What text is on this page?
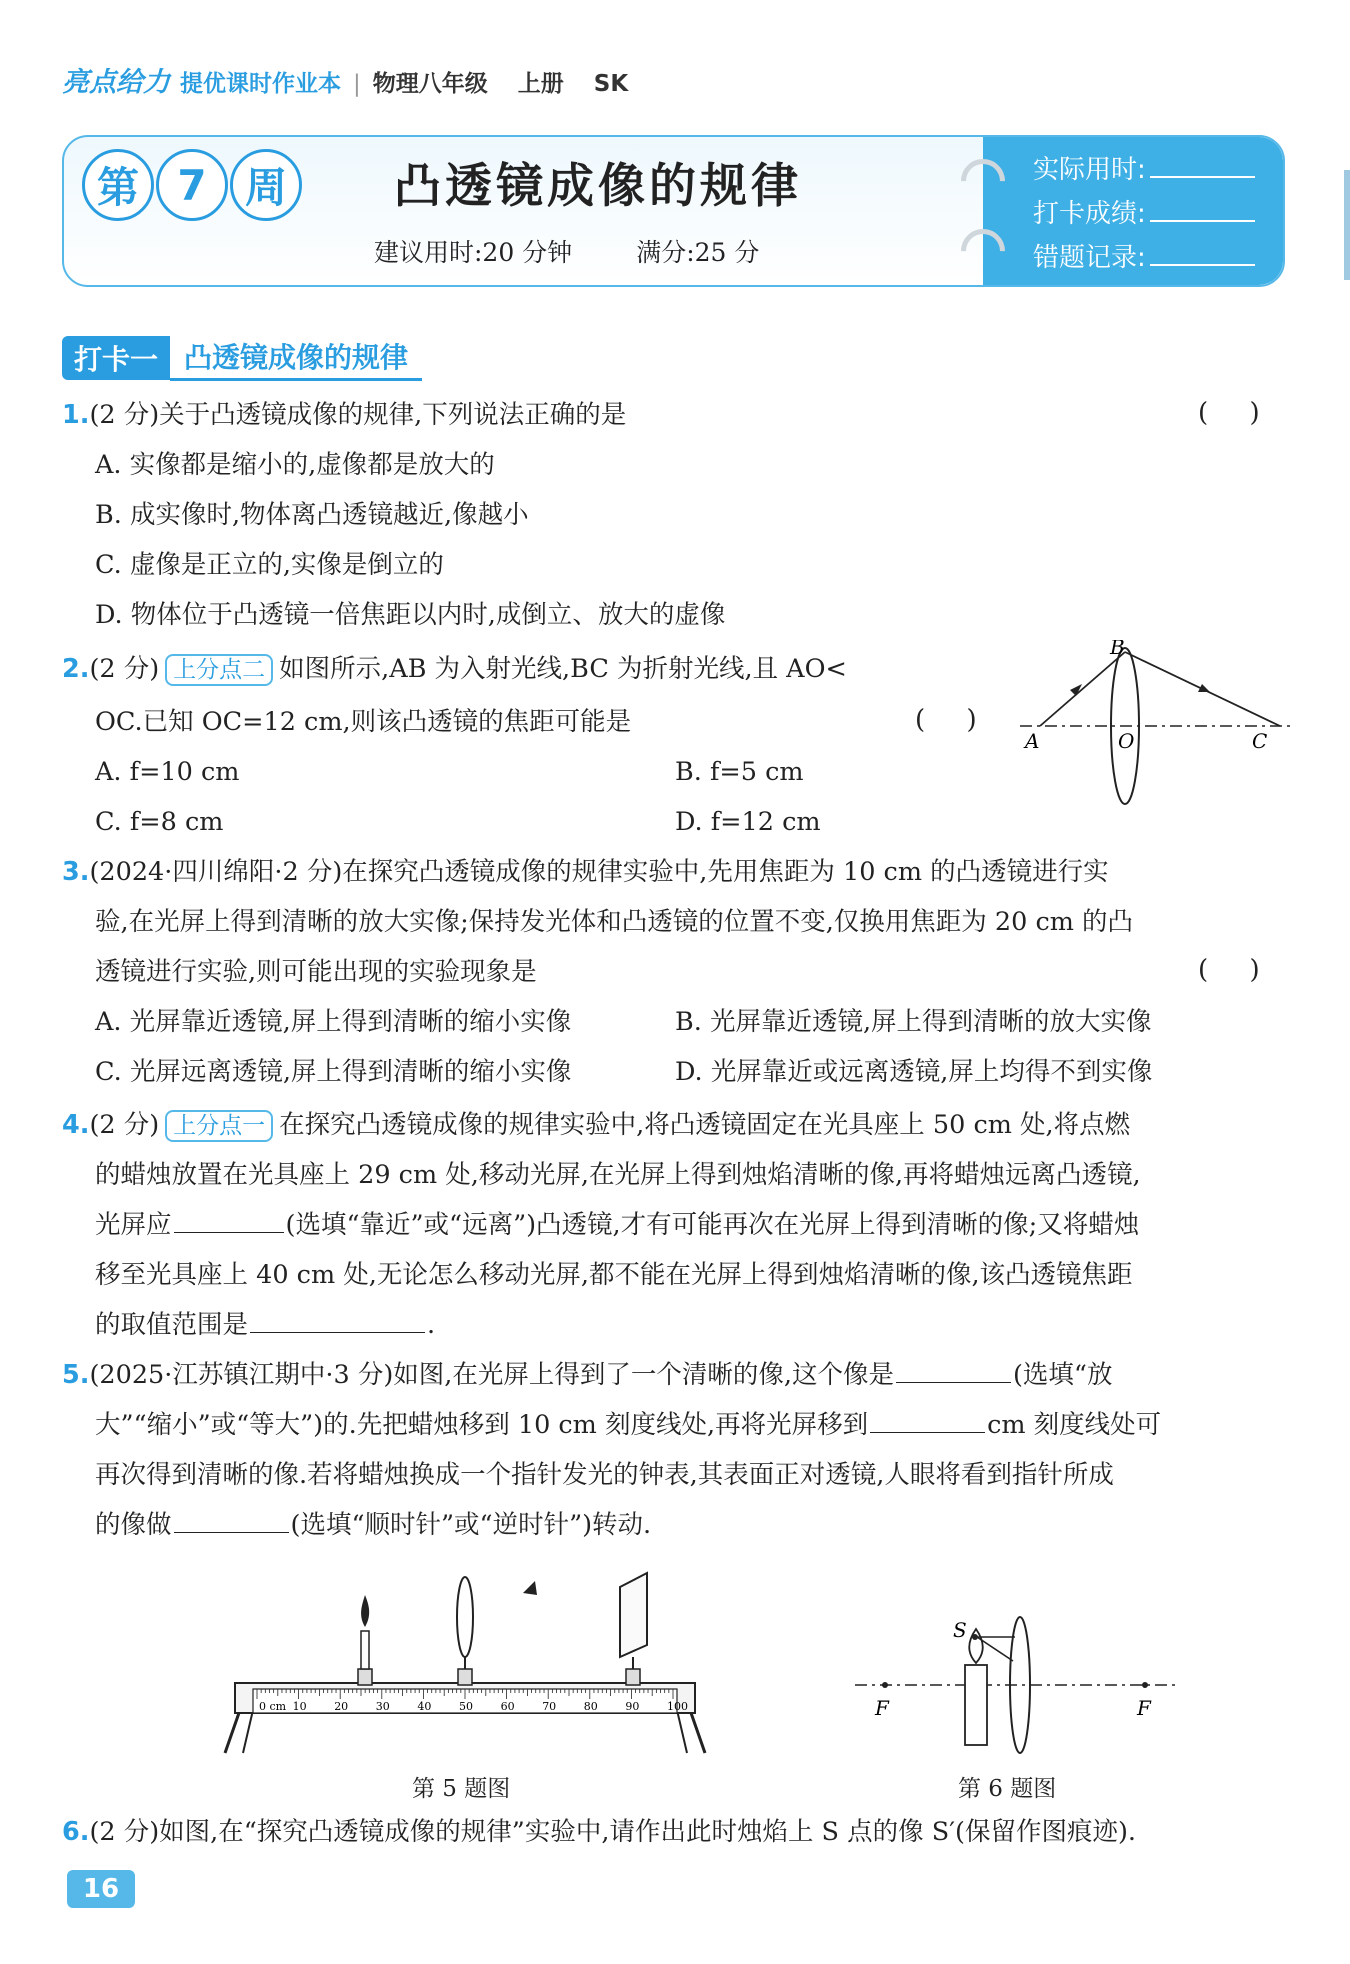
亮点给力 提优课时作业本 | 物理八年级 上册 SK
实际用时:
打卡成绩:
错题记录:
第 7 周	凸透镜成像的规律
建议用时:20 分钟	满分:25 分
打卡一 凸透镜成像的规律
1.(2 分)关于凸透镜成像的规律,下列说法正确的是	(     )
A. 实像都是缩小的,虚像都是放大的
B. 成实像时,物体离凸透镜越近,像越小
C. 虚像是正立的,实像是倒立的
D. 物体位于凸透镜一倍焦距以内时,成倒立、放大的虚像
2.(2 分) 上分点二 如图所示,AB 为入射光线,BC 为折射光线,且 AO<
OC.已知 OC=12 cm,则该凸透镜的焦距可能是	(     )
A. f=10 cm	B. f=5 cm
C. f=8 cm	D. f=12 cm
B
A	O	C
3.(2024·四川绵阳·2 分)在探究凸透镜成像的规律实验中,先用焦距为 10 cm 的凸透镜进行实
验,在光屏上得到清晰的放大实像;保持发光体和凸透镜的位置不变,仅换用焦距为 20 cm 的凸
透镜进行实验,则可能出现的实验现象是	(     )
A. 光屏靠近透镜,屏上得到清晰的缩小实像	B. 光屏靠近透镜,屏上得到清晰的放大实像
C. 光屏远离透镜,屏上得到清晰的缩小实像	D. 光屏靠近或远离透镜,屏上均得不到实像
4.(2 分) 上分点一 在探究凸透镜成像的规律实验中,将凸透镜固定在光具座上 50 cm 处,将点燃
的蜡烛放置在光具座上 29 cm 处,移动光屏,在光屏上得到烛焰清晰的像,再将蜡烛远离凸透镜,
光屏应	(选填“靠近”或“远离”)凸透镜,才有可能再次在光屏上得到清晰的像;又将蜡烛
移至光具座上 40 cm 处,无论怎么移动光屏,都不能在光屏上得到烛焰清晰的像,该凸透镜焦距
的取值范围是	.
5.(2025·江苏镇江期中·3 分)如图,在光屏上得到了一个清晰的像,这个像是	(选填“放
大”“缩小”或“等大”)的.先把蜡烛移到 10 cm 刻度线处,再将光屏移到	cm 刻度线处可
再次得到清晰的像.若将蜡烛换成一个指针发光的钟表,其表面正对透镜,人眼将看到指针所成
的像做	(选填“顺时针”或“逆时针”)转动.
0 cm 10	20	30	40	50	60	70	80	90	100
第 5 题图
S
F	F
第 6 题图
6.(2 分)如图,在“探究凸透镜成像的规律”实验中,请作出此时烛焰上 S 点的像 S′(保留作图痕迹).
16
